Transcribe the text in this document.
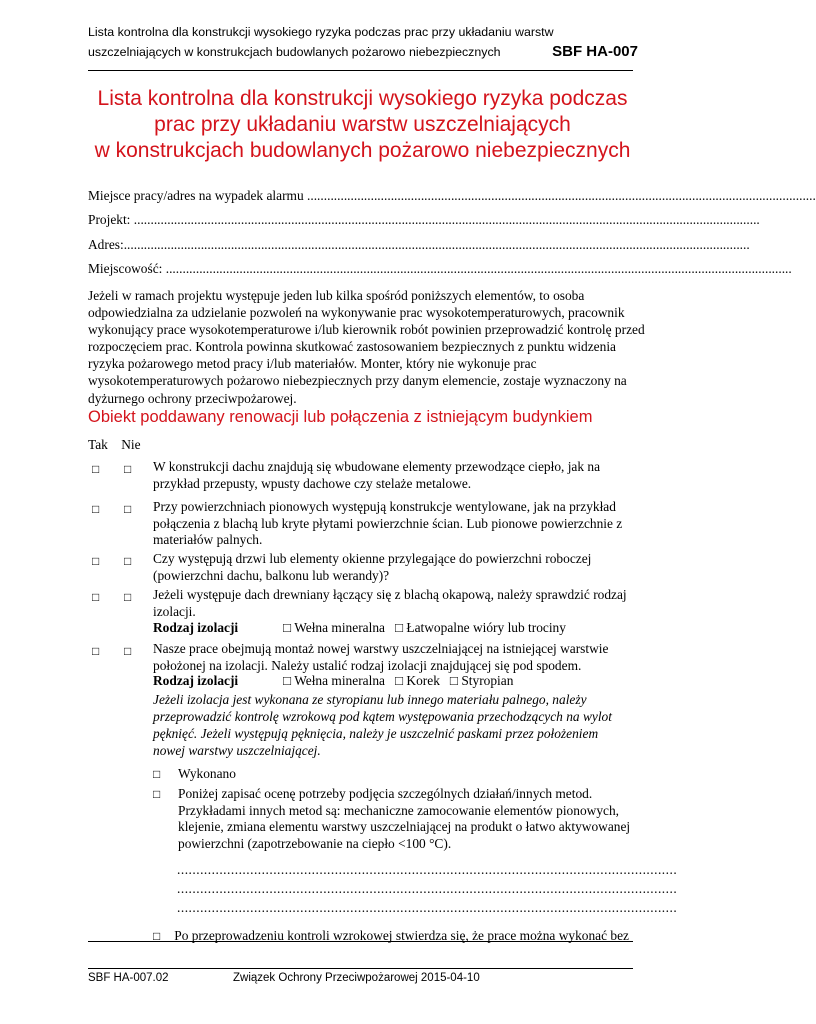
Lista kontrolna dla konstrukcji wysokiego ryzyka podczas prac przy układaniu warstw
uszczelniających w konstrukcjach budowlanych pożarowo niebezpiecznych	SBF HA-007
Lista kontrolna dla konstrukcji wysokiego ryzyka podczas
prac przy układaniu warstw uszczelniających
w konstrukcjach budowlanych pożarowo niebezpiecznych
Miejsce pracy/adres na wypadek alarmu ........................................................................................................................................................
Projekt: ...........................................................................................................................................................................................
Adres:...........................................................................................................................................................................................
Miejscowość: ...........................................................................................................................................................................................
Jeżeli w ramach projektu występuje jeden lub kilka spośród poniższych elementów, to osoba odpowiedzialna za udzielanie pozwoleń na wykonywanie prac wysokotemperaturowych, pracownik wykonujący prace wysokotemperaturowe i/lub kierownik robót powinien przeprowadzić kontrolę przed rozpoczęciem prac. Kontrola powinna skutkować zastosowaniem bezpiecznych z punktu widzenia ryzyka pożarowego metod pracy i/lub materiałów. Monter, który nie wykonuje prac wysokotemperaturowych pożarowo niebezpiecznych przy danym elemencie, zostaje wyznaczony na dyżurnego ochrony przeciwpożarowej.
Obiekt poddawany renowacji lub połączenia z istniejącym budynkiem
Tak Nie
□ □ W konstrukcji dachu znajdują się wbudowane elementy przewodzące ciepło, jak na przykład przepusty, wpusty dachowe czy stelaże metalowe.
□ □ Przy powierzchniach pionowych występują konstrukcje wentylowane, jak na przykład połączenia z blachą lub kryte płytami powierzchnie ścian. Lub pionowe powierzchnie z materiałów palnych.
□ □ Czy występują drzwi lub elementy okienne przylegające do powierzchni roboczej (powierzchni dachu, balkonu lub werandy)?
□ □ Jeżeli występuje dach drewniany łączący się z blachą okapową, należy sprawdzić rodzaj izolacji.
Rodzaj izolacji	□ Wełna mineralna □ Łatwopalne wióry lub trociny
□ □ Nasze prace obejmują montaż nowej warstwy uszczelniającej na istniejącej warstwie położonej na izolacji. Należy ustalić rodzaj izolacji znajdującej się pod spodem.
Rodzaj izolacji	□ Wełna mineralna □ Korek □ Styropian
Jeżeli izolacja jest wykonana ze styropianu lub innego materiału palnego, należy przeprowadzić kontrolę wzrokową pod kątem występowania przechodzących na wylot pęknięć. Jeżeli występują pęknięcia, należy je uszczelnić paskami przez położeniem nowej warstwy uszczelniającej.
□ Wykonano
□ Poniżej zapisać ocenę potrzeby podjęcia szczególnych działań/innych metod. Przykładami innych metod są: mechaniczne zamocowanie elementów pionowych, klejenie, zmiana elementu warstwy uszczelniającej na produkt o łatwo aktywowanej powierzchni (zapotrzebowanie na ciepło <100 °C).
..................................................................................................................................
..................................................................................................................................
..................................................................................................................................
□ Po przeprowadzeniu kontroli wzrokowej stwierdza się, że prace można wykonać bez
SBF HA-007.02	Związek Ochrony Przeciwpożarowej 2015-04-10
